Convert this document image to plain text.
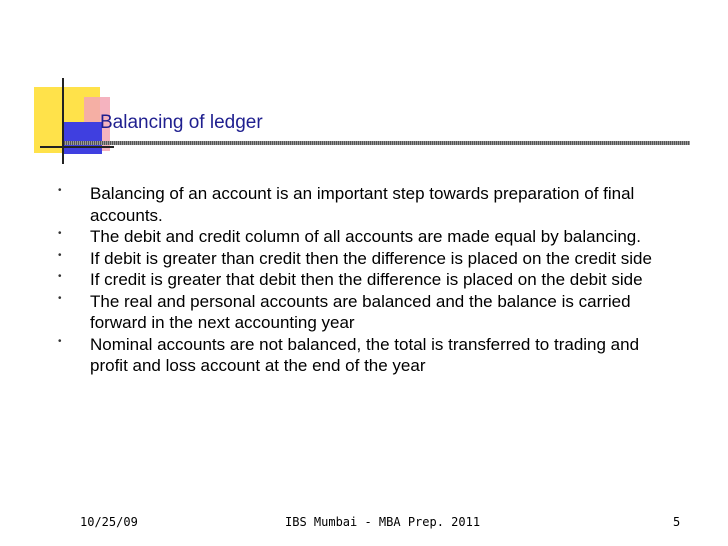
Balancing of ledger
• Balancing of an account is an important step towards preparation of final accounts.
• The debit and credit column of all accounts are made equal by balancing.
• If debit is greater than credit then the difference is placed on the credit side
• If credit is greater that debit then the difference is placed on the debit side
• The real and personal accounts are balanced and the balance is carried forward in the next accounting year
• Nominal accounts are not balanced, the total is transferred to trading and profit and loss account at the end of the year
10/25/09	IBS Mumbai - MBA Prep. 2011	5
